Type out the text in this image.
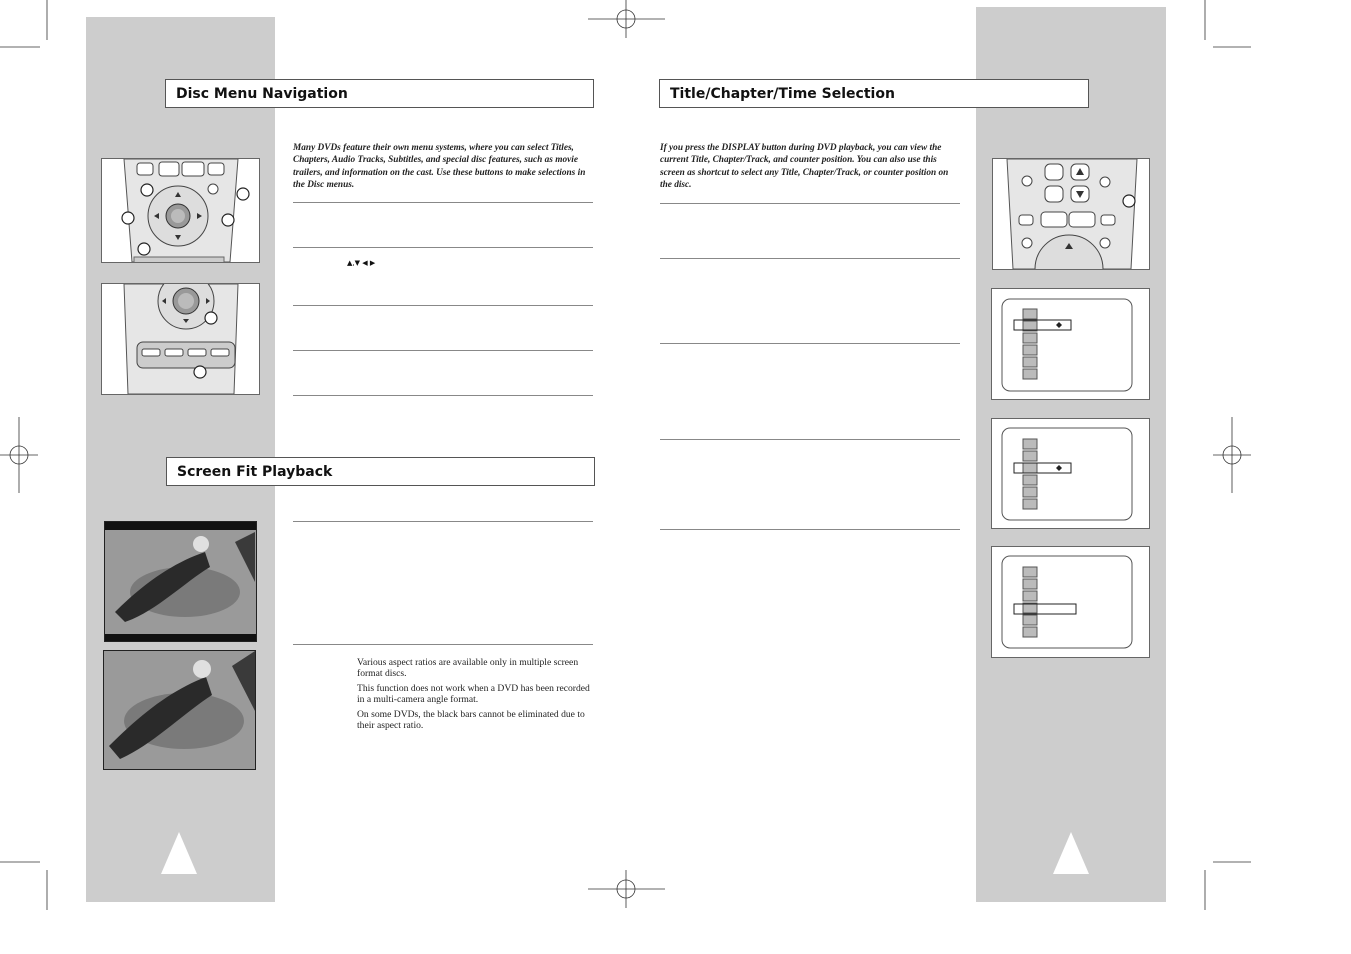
Disc Menu Navigation
Many DVDs feature their own menu systems, where you can select Titles, Chapters, Audio Tracks, Subtitles, and special disc features, such as movie trailers, and information on the cast. Use these buttons to make selections in the Disc menus.
▲,▼ ◀ ▶
Screen Fit Playback

Various aspect ratios are available only in multiple screen format discs.

This function does not work when a DVD has been recorded in a multi-camera angle format.

On some DVDs, the black bars cannot be eliminated due to their aspect ratio.

Title/Chapter/Time Selection
If you press the DISPLAY button during DVD playback, you can view the current Title, Chapter/Track, and counter position. You can also use this screen as shortcut to select any Title, Chapter/Track, or counter position on the disc.
